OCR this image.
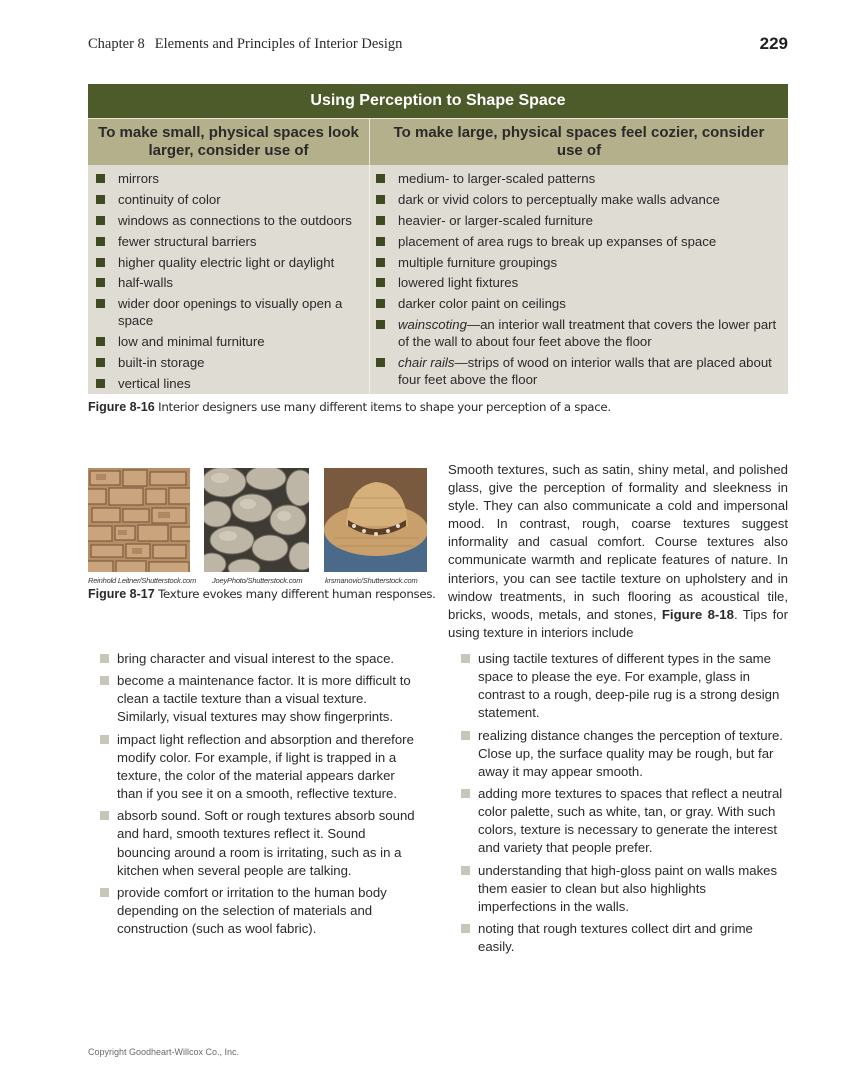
Chapter 8 Elements and Principles of Interior Design	229
Using Perception to Shape Space
To make small, physical spaces look larger, consider use of
To make large, physical spaces feel cozier, consider use of
mirrors
continuity of color
windows as connections to the outdoors
fewer structural barriers
higher quality electric light or daylight
half-walls
wider door openings to visually open a space
low and minimal furniture
built-in storage
vertical lines
medium- to larger-scaled patterns
dark or vivid colors to perceptually make walls advance
heavier- or larger-scaled furniture
placement of area rugs to break up expanses of space
multiple furniture groupings
lowered light fixtures
darker color paint on ceilings
wainscoting—an interior wall treatment that covers the lower part of the wall to about four feet above the floor
chair rails—strips of wood on interior walls that are placed about four feet above the floor
Figure 8-16 Interior designers use many different items to shape your perception of a space.
Reinhold Leitner/Shutterstock.com JoeyPhoto/Shutterstock.com	krsmanovic/Shutterstock.com
Figure 8-17 Texture evokes many different human responses.
Smooth textures, such as satin, shiny metal, and polished glass, give the perception of formality and sleekness in style. They can also communicate a cold and impersonal mood. In contrast, rough, coarse textures suggest informality and casual comfort. Course textures also communicate warmth and replicate features of nature. In interiors, you can see tactile texture on upholstery and in window treatments, in such flooring as acoustical tile, bricks, woods, metals, and stones, Figure 8-18. Tips for using texture in interiors include
bring character and visual interest to the space.
become a maintenance factor. It is more difficult to clean a tactile texture than a visual texture. Similarly, visual textures may show fingerprints.
impact light reflection and absorption and therefore modify color. For example, if light is trapped in a texture, the color of the material appears darker than if you see it on a smooth, reflective texture.
absorb sound. Soft or rough textures absorb sound and hard, smooth textures reflect it. Sound bouncing around a room is irritating, such as in a kitchen when several people are talking.
provide comfort or irritation to the human body depending on the selection of materials and construction (such as wool fabric).
using tactile textures of different types in the same space to please the eye. For example, glass in contrast to a rough, deep-pile rug is a strong design statement.
realizing distance changes the perception of texture. Close up, the surface quality may be rough, but far away it may appear smooth.
adding more textures to spaces that reflect a neutral color palette, such as white, tan, or gray. With such colors, texture is necessary to generate the interest and variety that people prefer.
understanding that high-gloss paint on walls makes them easier to clean but also highlights imperfections in the walls.
noting that rough textures collect dirt and grime easily.
Copyright Goodheart-Willcox Co., Inc.
